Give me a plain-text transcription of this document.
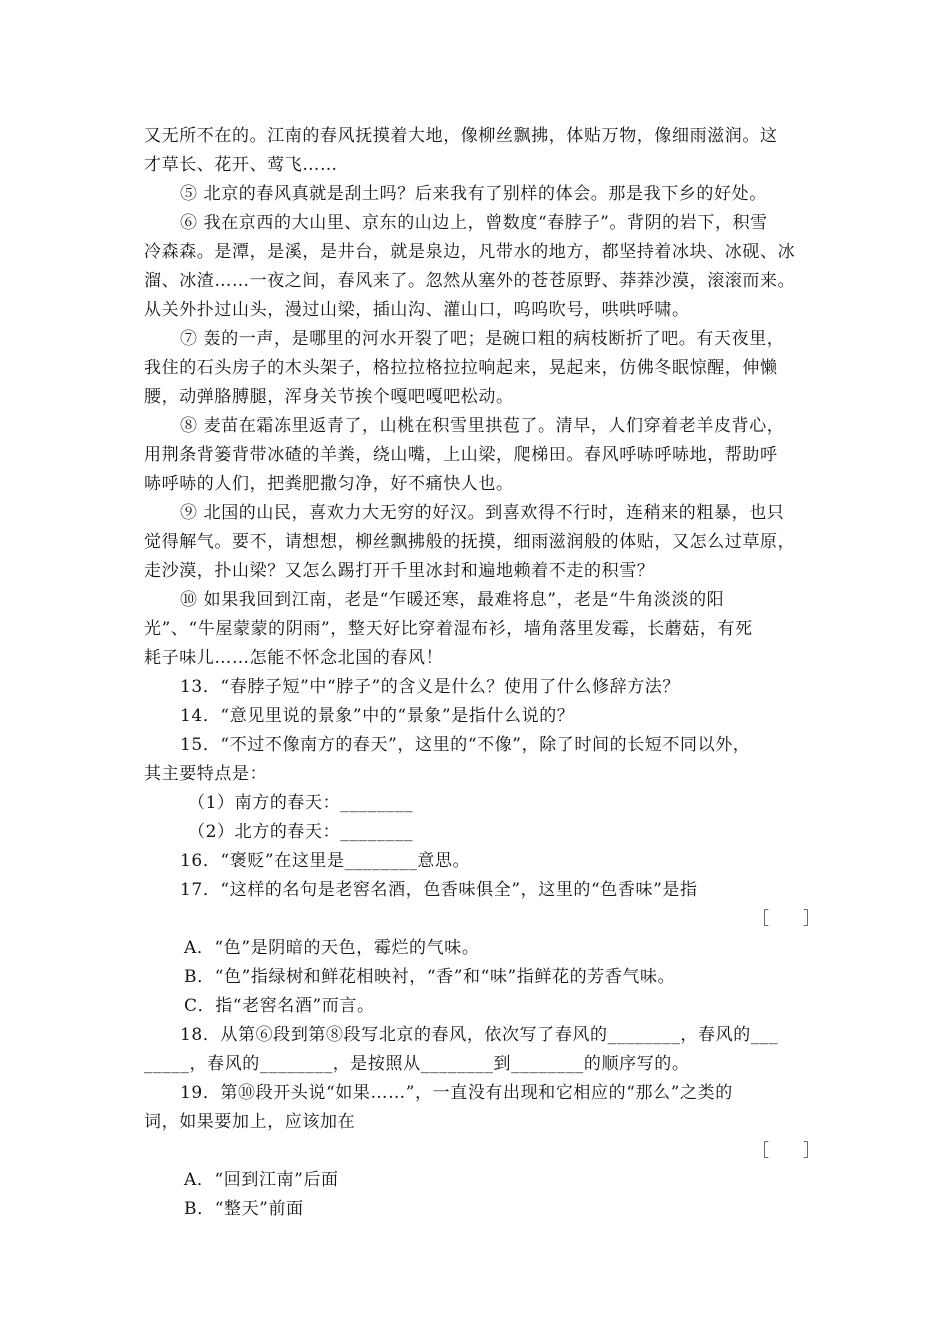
又无所不在的。江南的春风抚摸着大地，像柳丝飘拂，体贴万物，像细雨滋润。这
才草长、花开、莺飞……
⑤ 北京的春风真就是刮土吗？后来我有了别样的体会。那是我下乡的好处。
⑥ 我在京西的大山里、京东的山边上，曾数度“春脖子”。背阴的岩下，积雪
冷森森。是潭，是溪，是井台，就是泉边，凡带水的地方，都坚持着冰块、冰砚、冰
溜、冰渣……一夜之间，春风来了。忽然从塞外的苍苍原野、莽莽沙漠，滚滚而来。
从关外扑过山头，漫过山梁，插山沟、灌山口，呜呜吹号，哄哄呼啸。
⑦ 轰的一声，是哪里的河水开裂了吧；是碗口粗的病枝断折了吧。有天夜里，
我住的石头房子的木头架子，格拉拉格拉拉响起来，晃起来，仿佛冬眠惊醒，伸懒
腰，动弹胳膊腿，浑身关节挨个嘎吧嘎吧松动。
⑧ 麦苗在霜冻里返青了，山桃在积雪里拱苞了。清早，人们穿着老羊皮背心，
用荆条背篓背带冰碴的羊粪，绕山嘴，上山梁，爬梯田。春风呼哧呼哧地，帮助呼
哧呼哧的人们，把粪肥撒匀净，好不痛快人也。
⑨ 北国的山民，喜欢力大无穷的好汉。到喜欢得不行时，连稍来的粗暴，也只
觉得解气。要不，请想想，柳丝飘拂般的抚摸，细雨滋润般的体贴，又怎么过草原，
走沙漠，扑山梁？又怎么踢打开千里冰封和遍地赖着不走的积雪？
⑩ 如果我回到江南，老是“乍暖还寒，最难将息”，老是“牛角淡淡的阳
光”、“牛屋蒙蒙的阴雨”，整天好比穿着湿布衫，墙角落里发霉，长蘑菇，有死
耗子味儿……怎能不怀念北国的春风！
13．“春脖子短”中“脖子”的含义是什么？使用了什么修辞方法？
14．“意见里说的景象”中的“景象”是指什么说的？
15．“不过不像南方的春天”，这里的“不像”，除了时间的长短不同以外，
其主要特点是：
（1）南方的春天：________
（2）北方的春天：________
16．“褒贬”在这里是________意思。
17．“这样的名句是老窖名酒，色香味俱全”，这里的“色香味”是指
［　　］
A．“色”是阴暗的天色，霉烂的气味。
B．“色”指绿树和鲜花相映衬，“香”和“味”指鲜花的芳香气味。
C．指“老窖名酒”而言。
18．从第⑥段到第⑧段写北京的春风，依次写了春风的________，春风的___
_____，春风的________，是按照从________到________的顺序写的。
19．第⑩段开头说“如果……”，一直没有出现和它相应的“那么”之类的
词，如果要加上，应该加在
［　　］
A．“回到江南”后面
B．“整天”前面
